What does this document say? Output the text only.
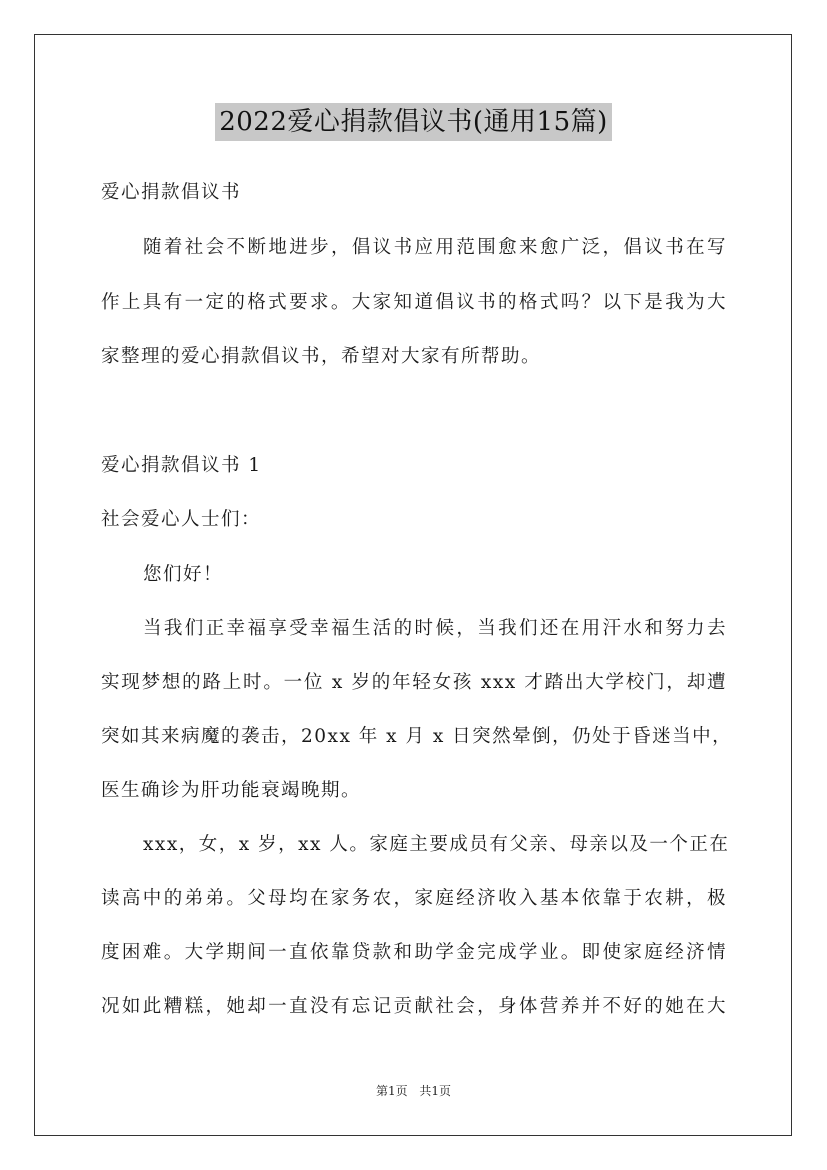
2022爱心捐款倡议书(通用15篇)
爱心捐款倡议书
随着社会不断地进步，倡议书应用范围愈来愈广泛，倡议书在写
作上具有一定的格式要求。大家知道倡议书的格式吗？以下是我为大
家整理的爱心捐款倡议书，希望对大家有所帮助。
爱心捐款倡议书 1
社会爱心人士们：
您们好！
当我们正幸福享受幸福生活的时候，当我们还在用汗水和努力去
实现梦想的路上时。一位 x 岁的年轻女孩 xxx 才踏出大学校门，却遭
突如其来病魔的袭击，20xx 年 x 月 x 日突然晕倒，仍处于昏迷当中，
医生确诊为肝功能衰竭晚期。
xxx，女，x 岁，xx 人。家庭主要成员有父亲、母亲以及一个正在
读高中的弟弟。父母均在家务农，家庭经济收入基本依靠于农耕，极
度困难。大学期间一直依靠贷款和助学金完成学业。即使家庭经济情
况如此糟糕，她却一直没有忘记贡献社会，身体营养并不好的她在大
第1页 共1页
